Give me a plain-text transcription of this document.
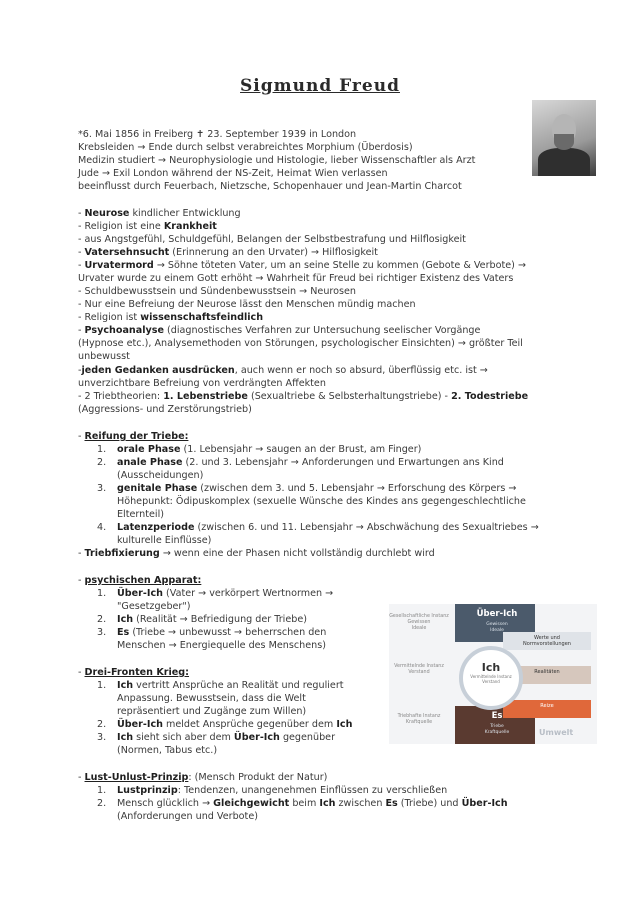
Sigmund Freud
*6. Mai 1856 in Freiberg ✝ 23. September 1939 in London
Krebsleiden → Ende durch selbst verabreichtes Morphium (Überdosis)
Medizin studiert → Neurophysiologie und Histologie, lieber Wissenschaftler als Arzt
Jude → Exil London während der NS-Zeit, Heimat Wien verlassen
beeinflusst durch Feuerbach, Nietzsche, Schopenhauer und Jean-Martin Charcot
- Neurose kindlicher Entwicklung
- Religion ist eine Krankheit
- aus Angstgefühl, Schuldgefühl, Belangen der Selbstbestrafung und Hilflosigkeit
- Vatersehnsucht (Erinnerung an den Urvater) → Hilflosigkeit
- Urvatermord → Söhne töteten Vater, um an seine Stelle zu kommen (Gebote & Verbote) →
Urvater wurde zu einem Gott erhöht → Wahrheit für Freud bei richtiger Existenz des Vaters
- Schuldbewusstsein und Sündenbewusstsein → Neurosen
- Nur eine Befreiung der Neurose lässt den Menschen mündig machen
- Religion ist wissenschaftsfeindlich
- Psychoanalyse (diagnostisches Verfahren zur Untersuchung seelischer Vorgänge
(Hypnose etc.), Analysemethoden von Störungen, psychologischer Einsichten) → größter Teil
unbewusst
-jeden Gedanken ausdrücken, auch wenn er noch so absurd, überflüssig etc. ist →
unverzichtbare Befreiung von verdrängten Affekten
- 2 Triebtheorien: 1. Lebenstriebe (Sexualtriebe & Selbsterhaltungstriebe) - 2. Todestriebe
(Aggressions- und Zerstörungstrieb)
- Reifung der Triebe:
1. orale Phase (1. Lebensjahr → saugen an der Brust, am Finger)
2. anale Phase (2. und 3. Lebensjahr → Anforderungen und Erwartungen ans Kind
(Ausscheidungen)
3. genitale Phase (zwischen dem 3. und 5. Lebensjahr → Erforschung des Körpers →
Höhepunkt: Ödipuskomplex (sexuelle Wünsche des Kindes ans gegengeschlechtliche
Elternteil)
4. Latenzperiode (zwischen 6. und 11. Lebensjahr → Abschwächung des Sexualtriebes →
kulturelle Einflüsse)
- Triebfixierung → wenn eine der Phasen nicht vollständig durchlebt wird
- psychischen Apparat:
1. Über-Ich (Vater → verkörpert Wertnormen →
"Gesetzgeber")
2. Ich (Realität → Befriedigung der Triebe)
3. Es (Triebe → unbewusst → beherrschen den
Menschen → Energiequelle des Menschens)
- Drei-Fronten Krieg:
1. Ich vertritt Ansprüche an Realität und reguliert
Anpassung. Bewusstsein, dass die Welt
repräsentiert und Zugänge zum Willen)
2. Über-Ich meldet Ansprüche gegenüber dem Ich
3. Ich sieht sich aber dem Über-Ich gegenüber
(Normen, Tabus etc.)
- Lust-Unlust-Prinzip: (Mensch Produkt der Natur)
1. Lustprinzip: Tendenzen, unangenehmen Einflüssen zu verschließen
2. Mensch glücklich → Gleichgewicht beim Ich zwischen Es (Triebe) und Über-Ich
(Anforderungen und Verbote)
Gesellschaftliche Instanz
Gewissen
Ideale
Vermittelnde Instanz
Verstand
Triebhafte Instanz
Kraftquelle
Werte und
Normvorstellungen
Realitäten
Reize
Über-Ich
Gewissen
Ideale
Ich
Vermittelnde Instanz
Verstand
Es
Triebe
Kraftquelle	Umwelt
